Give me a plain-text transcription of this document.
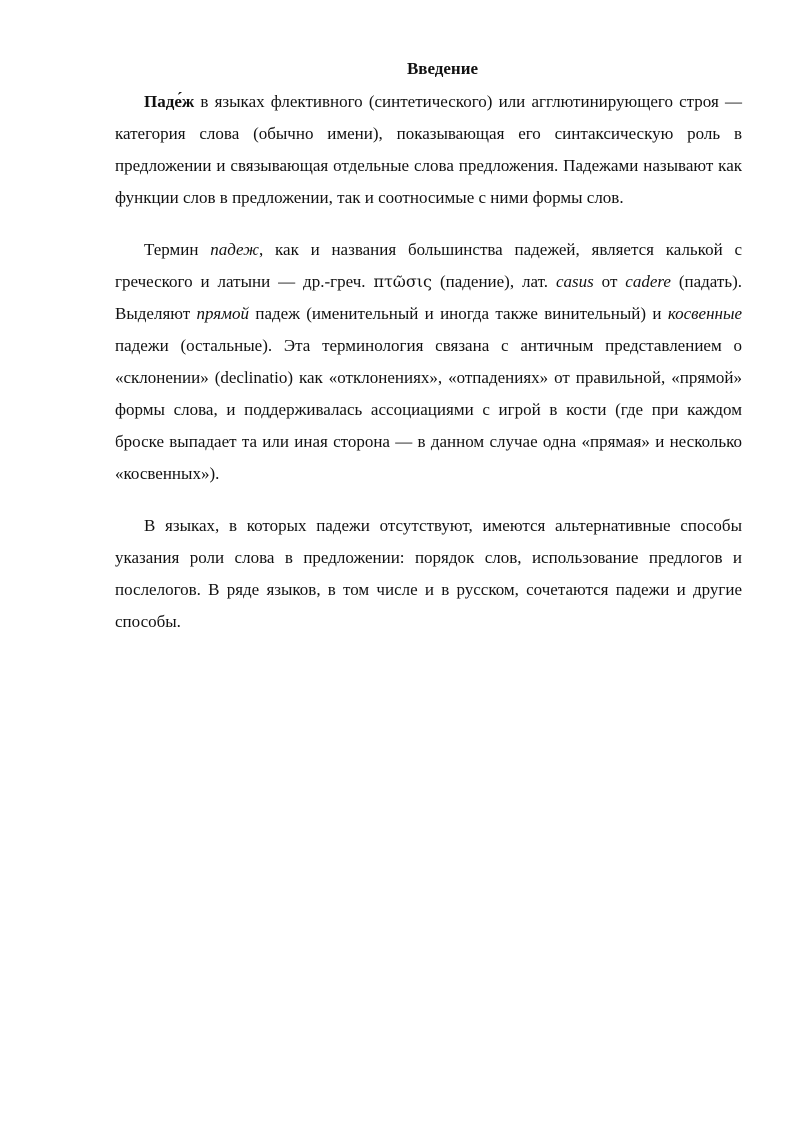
Введение

Паде́ж в языках флективного (синтетического) или агглютинирующего строя — категория слова (обычно имени), показывающая его синтаксическую роль в предложении и связывающая отдельные слова предложения. Падежами называют как функции слов в предложении, так и соотносимые с ними формы слов.

Термин падеж, как и названия большинства падежей, является калькой с греческого и латыни — др.-греч. πτῶσις (падение), лат. casus от cadere (падать). Выделяют прямой падеж (именительный и иногда также винительный) и косвенные падежи (остальные). Эта терминология связана с античным представлением о «склонении» (declinatio) как «отклонениях», «отпадениях» от правильной, «прямой» формы слова, и поддерживалась ассоциациями с игрой в кости (где при каждом броске выпадает та или иная сторона — в данном случае одна «прямая» и несколько «косвенных»).

В языках, в которых падежи отсутствуют, имеются альтернативные способы указания роли слова в предложении: порядок слов, использование предлогов и послелогов. В ряде языков, в том числе и в русском, сочетаются падежи и другие способы.
